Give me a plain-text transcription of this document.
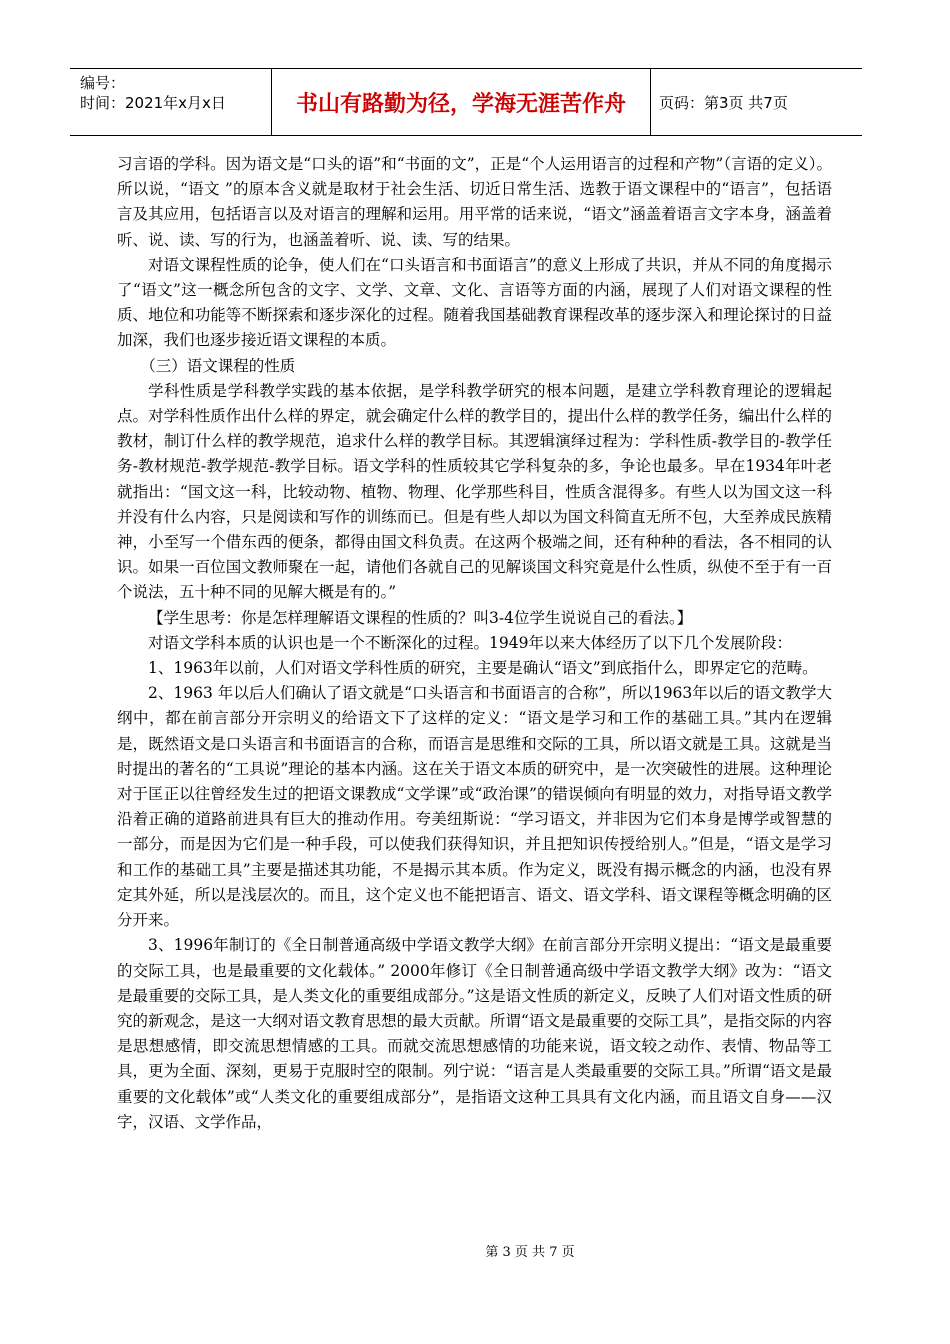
编号：
时间：2021年x月x日	书山有路勤为径，学海无涯苦作舟	页码：第3页 共7页

习言语的学科。因为语文是“口头的语”和“书面的文”，正是“个人运用语言的过程和产物”（言语的定义）。所以说，“语文 ”的原本含义就是取材于社会生活、切近日常生活、选教于语文课程中的“语言”，包括语言及其应用，包括语言以及对语言的理解和运用。用平常的话来说，“语文”涵盖着语言文字本身，涵盖着听、说、读、写的行为，也涵盖着听、说、读、写的结果。

对语文课程性质的论争，使人们在“口头语言和书面语言”的意义上形成了共识，并从不同的角度揭示了“语文”这一概念所包含的文字、文学、文章、文化、言语等方面的内涵，展现了人们对语文课程的性质、地位和功能等不断探索和逐步深化的过程。随着我国基础教育课程改革的逐步深入和理论探讨的日益加深，我们也逐步接近语文课程的本质。

（三）语文课程的性质

学科性质是学科教学实践的基本依据，是学科教学研究的根本问题，是建立学科教育理论的逻辑起点。对学科性质作出什么样的界定，就会确定什么样的教学目的，提出什么样的教学任务，编出什么样的教材，制订什么样的教学规范，追求什么样的教学目标。其逻辑演绎过程为：学科性质-教学目的-教学任务-教材规范-教学规范-教学目标。语文学科的性质较其它学科复杂的多，争论也最多。早在1934年叶老就指出：“国文这一科，比较动物、植物、物理、化学那些科目，性质含混得多。有些人以为国文这一科并没有什么内容，只是阅读和写作的训练而已。但是有些人却以为国文科简直无所不包，大至养成民族精神，小至写一个借东西的便条，都得由国文科负责。在这两个极端之间，还有种种的看法，各不相同的认识。如果一百位国文教师聚在一起，请他们各就自己的见解谈国文科究竟是什么性质，纵使不至于有一百个说法，五十种不同的见解大概是有的。”

【学生思考：你是怎样理解语文课程的性质的？叫3-4位学生说说自己的看法。】

对语文学科本质的认识也是一个不断深化的过程。1949年以来大体经历了以下几个发展阶段：

1、1963年以前，人们对语文学科性质的研究，主要是确认“语文”到底指什么，即界定它的范畴。

2、1963 年以后人们确认了语文就是“口头语言和书面语言的合称”，所以1963年以后的语文教学大纲中，都在前言部分开宗明义的给语文下了这样的定义：“语文是学习和工作的基础工具。”其内在逻辑是，既然语文是口头语言和书面语言的合称，而语言是思维和交际的工具，所以语文就是工具。这就是当时提出的著名的“工具说”理论的基本内涵。这在关于语文本质的研究中，是一次突破性的进展。这种理论对于匡正以往曾经发生过的把语文课教成“文学课”或“政治课”的错误倾向有明显的效力，对指导语文教学沿着正确的道路前进具有巨大的推动作用。夸美纽斯说：“学习语文，并非因为它们本身是博学或智慧的一部分，而是因为它们是一种手段，可以使我们获得知识，并且把知识传授给别人。”但是，“语文是学习和工作的基础工具”主要是描述其功能，不是揭示其本质。作为定义，既没有揭示概念的内涵，也没有界定其外延，所以是浅层次的。而且，这个定义也不能把语言、语文、语文学科、语文课程等概念明确的区分开来。

3、1996年制订的《全日制普通高级中学语文教学大纲》在前言部分开宗明义提出：“语文是最重要的交际工具，也是最重要的文化载体。” 2000年修订《全日制普通高级中学语文教学大纲》改为：“语文是最重要的交际工具，是人类文化的重要组成部分。”这是语文性质的新定义，反映了人们对语文性质的研究的新观念，是这一大纲对语文教育思想的最大贡献。所谓“语文是最重要的交际工具”，是指交际的内容是思想感情，即交流思想情感的工具。而就交流思想感情的功能来说，语文较之动作、表情、物品等工具，更为全面、深刻，更易于克服时空的限制。列宁说：“语言是人类最重要的交际工具。”所谓“语文是最重要的文化载体”或“人类文化的重要组成部分”，是指语文这种工具具有文化内涵，而且语文自身——汉字，汉语、文学作品，

第 3 页 共 7 页
